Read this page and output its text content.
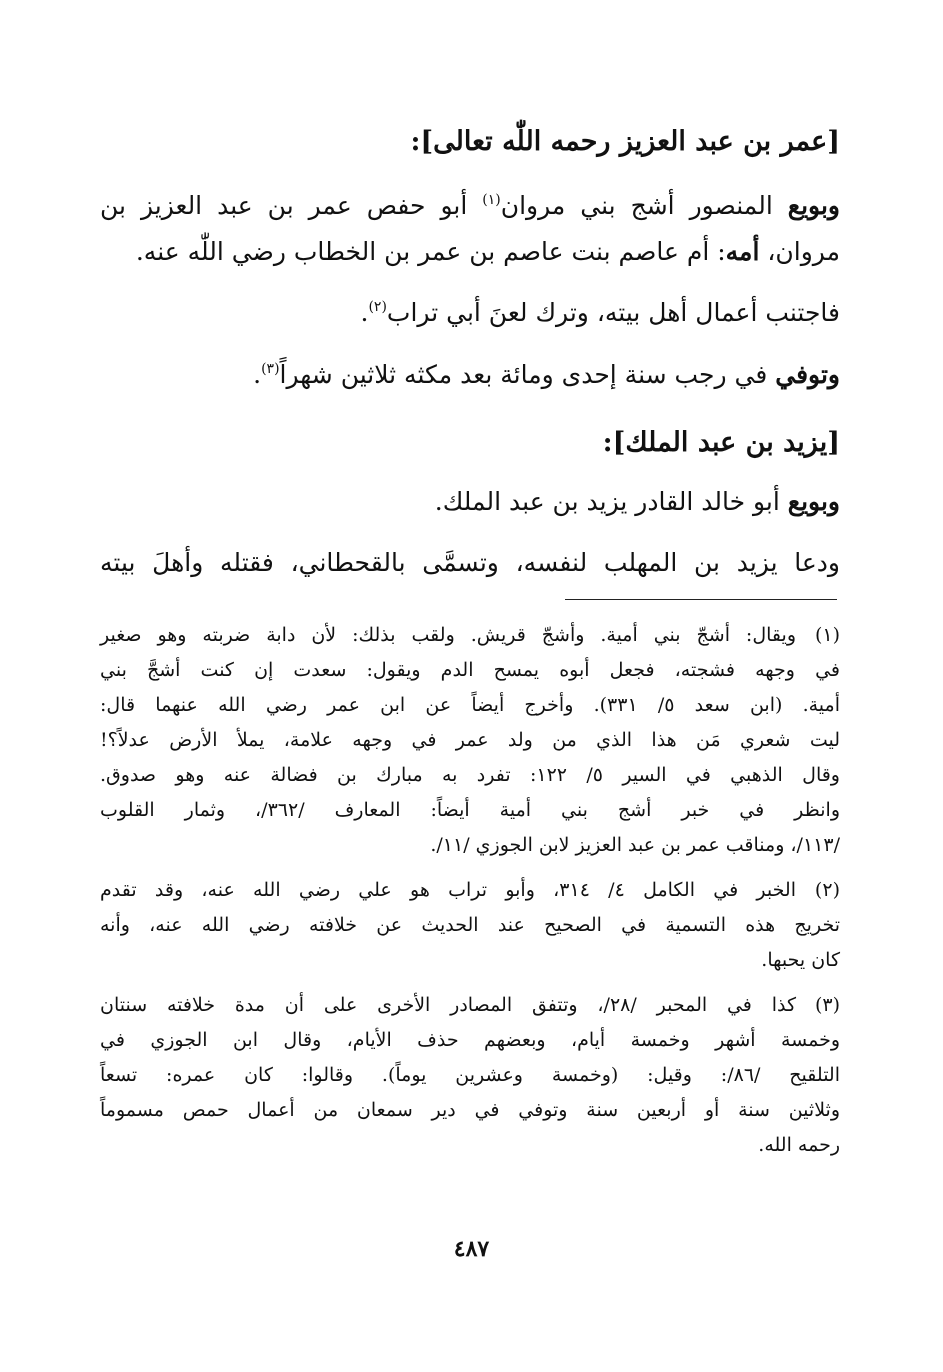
[عمر بن عبد العزيز رحمه اللّٰه تعالى]:
وبويع المنصور أشج بني مروان$^{(١)}$ أبو حفص عمر بن عبد العزيز بن
مروان، أمه: أم عاصم بنت عاصم بن عمر بن الخطاب رضي اللّٰه عنه.
فاجتنب أعمال أهل بيته، وترك لعنَ أبي تراب$^{(٢)}$.
وتوفي في رجب سنة إحدى ومائة بعد مكثه ثلاثين شهراً$^{(٣)}$.
[يزيد بن عبد الملك]:
وبويع أبو خالد القادر يزيد بن عبد الملك.
ودعا يزيد بن المهلب لنفسه، وتسمَّى بالقحطاني، فقتله وأهلَ بيته
(١)ويقال: أشجّ بني أمية. وأشجّ قريش. ولقب بذلك: لأن دابة ضربته وهو صغير
في وجهه فشجته، فجعل أبوه يمسح الدم ويقول: سعدت إن كنت أشجَّ بني
أمية. (ابن سعد ٥/ ٣٣١). وأخرج أيضاً عن ابن عمر رضي الله عنهما قال:
ليت شعري مَن هذا الذي من ولد عمر في وجهه علامة، يملأ الأرض عدلاً؟!
وقال الذهبي في السير ٥/ ١٢٢: تفرد به مبارك بن فضالة عنه وهو صدوق.
وانظر في خبر أشج بني أمية أيضاً: المعارف /٣٦٢/، وثمار القلوب
/١١٣/، ومناقب عمر بن عبد العزيز لابن الجوزي /١١/.
(٢)الخبر في الكامل ٤/ ٣١٤، وأبو تراب هو علي رضي الله عنه، وقد تقدم
تخريج هذه التسمية في الصحيح عند الحديث عن خلافته رضي الله عنه، وأنه
كان يحبها.
(٣)كذا في المحبر /٢٨/، وتتفق المصادر الأخرى على أن مدة خلافته سنتان
وخمسة أشهر وخمسة أيام، وبعضهم حذف الأيام، وقال ابن الجوزي في
التلقيح /٨٦/: وقيل: (وخمسة وعشرين يوماً). وقالوا: كان عمره: تسعاً
وثلاثين سنة أو أربعين سنة وتوفي في دير سمعان من أعمال حمص مسموماً
رحمه الله.
٤٨٧
